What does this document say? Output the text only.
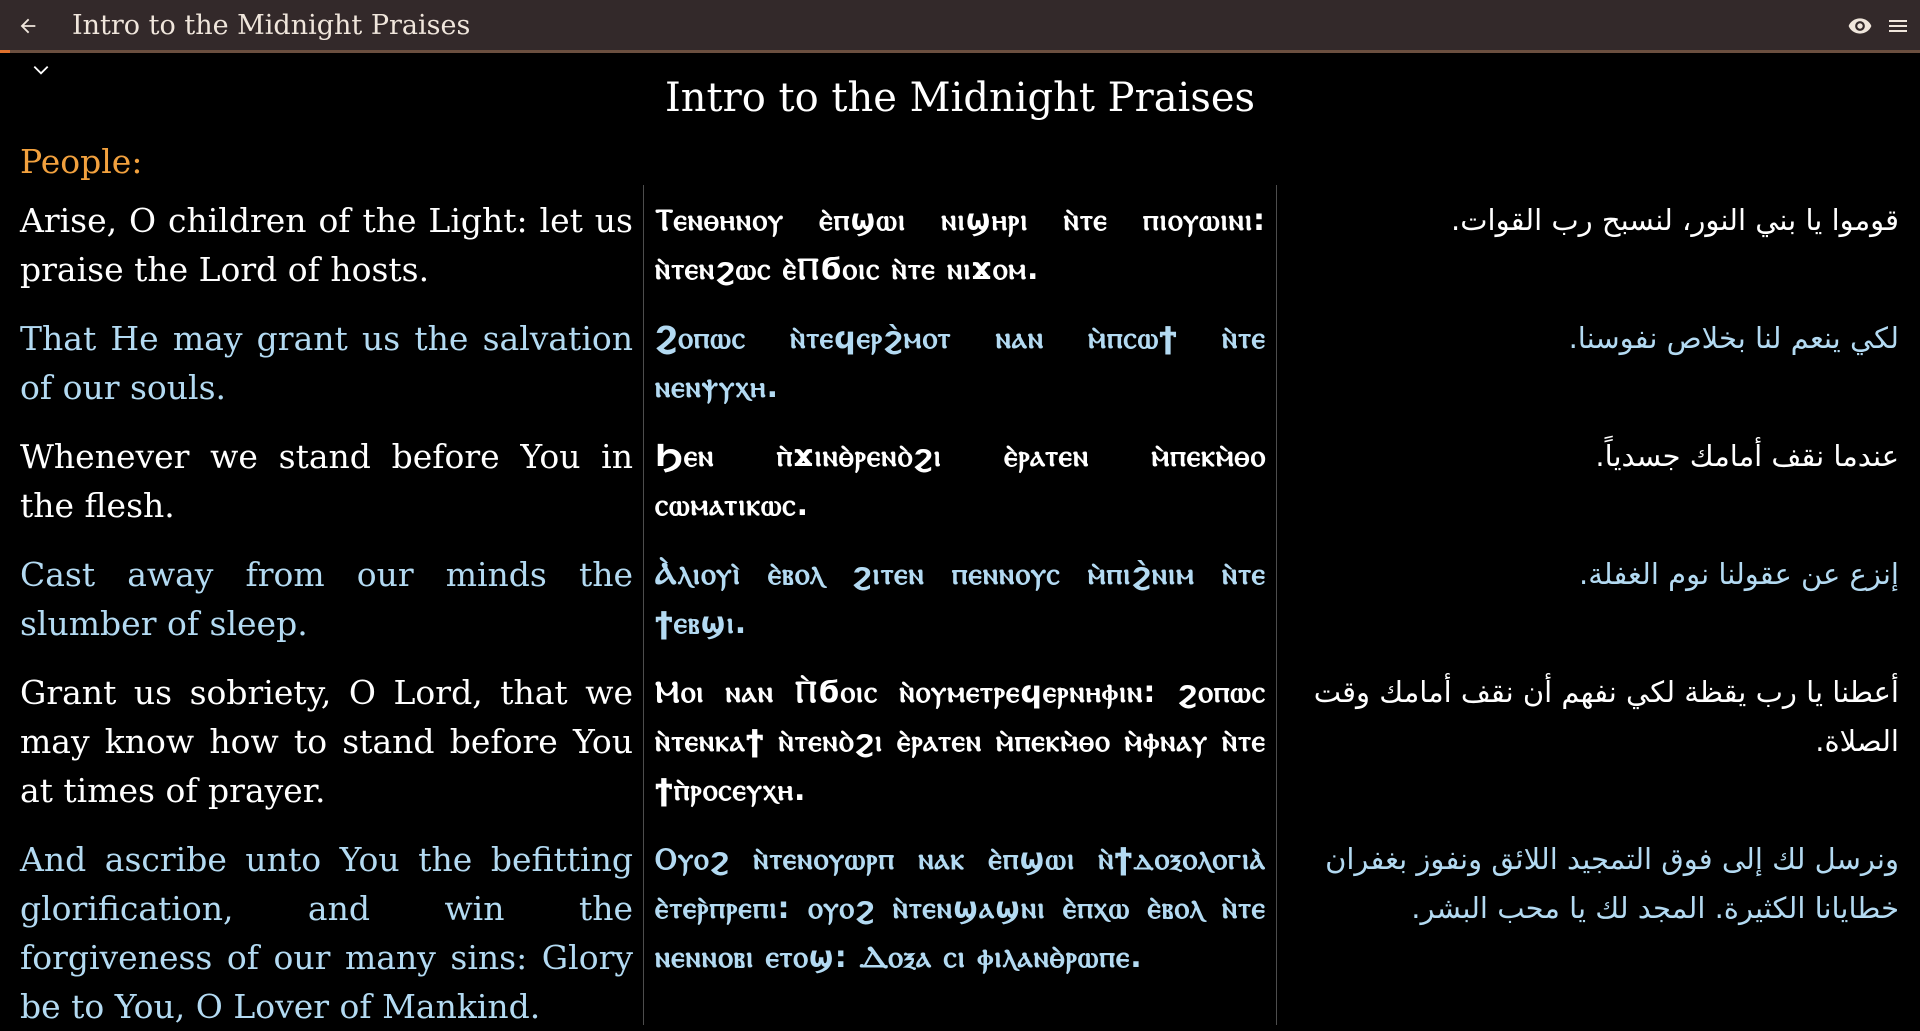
Intro to the Midnight Praises
Intro to the Midnight Praises
People:
Arise, O children of the Light: let us praise the Lord of hosts.
Ⲧⲉⲛⲑⲏⲛⲟⲩ ⲉ̀ⲡϣⲱⲓ ⲛⲓϣⲏⲣⲓ ⲛ̀ⲧⲉ ⲡⲓⲟⲩⲱⲓⲛⲓ: ⲛ̀ⲧⲉⲛϩⲱⲥ ⲉ̀Ⲡϭⲟⲓⲥ ⲛ̀ⲧⲉ ⲛⲓϫⲟⲙ.
قوموا يا بني النور، لنسبح رب القوات.
That He may grant us the salvation of our souls.
Ϩⲟⲡⲱⲥ ⲛ̀ⲧⲉϥⲉⲣϩ̀ⲙⲟⲧ ⲛⲁⲛ ⲙ̀ⲡⲥⲱϯ ⲛ̀ⲧⲉ ⲛⲉⲛⲯⲩⲭⲏ.
لكي ينعم لنا بخلاص نفوسنا.
Whenever we stand before You in the flesh.
Ϧⲉⲛ ⲡ̀ϫⲓⲛⲑ̀ⲣⲉⲛⲟ̀ϩⲓ ⲉ̀ⲣⲁⲧⲉⲛ ⲙ̀ⲡⲉⲕⲙ̀ⲑⲟ ⲥⲱⲙⲁⲧⲓⲕⲱⲥ.
عندما نقف أمامك جسدياً.
Cast away from our minds the slumber of sleep.
Ⲁ̀ⲗⲓⲟⲩⲓ̀ ⲉ̀ⲃⲟⲗ ϩⲓⲧⲉⲛ ⲡⲉⲛⲛⲟⲩⲥ ⲙ̀ⲡⲓϩ̀ⲛⲓⲙ ⲛ̀ⲧⲉ ϯⲉⲃϣⲓ.
إنزع عن عقولنا نوم الغفلة.
Grant us sobriety, O Lord, that we may know how to stand before You at times of prayer.
Ⲙⲟⲓ ⲛⲁⲛ Ⲡ̀ϭⲟⲓⲥ ⲛ̀ⲟⲩⲙⲉⲧⲣⲉϥⲉⲣⲛⲏⲫⲓⲛ: ϩⲟⲡⲱⲥ ⲛ̀ⲧⲉⲛⲕⲁϯ ⲛ̀ⲧⲉⲛⲟ̀ϩⲓ ⲉ̀ⲣⲁⲧⲉⲛ ⲙ̀ⲡⲉⲕⲙ̀ⲑⲟ ⲙ̀ⲫⲛⲁⲩ ⲛ̀ⲧⲉ ϯⲡ̀ⲣⲟⲥⲉⲩⲭⲏ.
أعطنا يا رب يقظة لكي نفهم أن نقف أمامك وقت الصلاة.
And ascribe unto You the befitting glorification, and win the forgiveness of our many sins: Glory be to You, O Lover of Mankind.
Ⲟⲩⲟϩ ⲛ̀ⲧⲉⲛⲟⲩⲱⲣⲡ ⲛⲁⲕ ⲉ̀ⲡϣⲱⲓ ⲛ̀ϯⲇⲟⲝⲟⲗⲟⲅⲓⲁ̀ ⲉ̀ⲧⲉⲣ̀ⲡⲣⲉⲡⲓ: ⲟⲩⲟϩ ⲛ̀ⲧⲉⲛϣⲁϣⲛⲓ ⲉ̀ⲡⲭⲱ ⲉ̀ⲃⲟⲗ ⲛ̀ⲧⲉ ⲛⲉⲛⲛⲟⲃⲓ ⲉⲧⲟϣ: Ⲇⲟⲝⲁ ⲥⲓ ⲫⲓⲗⲁⲛⲑ̀ⲣⲱⲡⲉ.
ونرسل لك إلى فوق التمجيد اللائق ونفوز بغفران خطايانا الكثيرة. المجد لك يا محب البشر.
